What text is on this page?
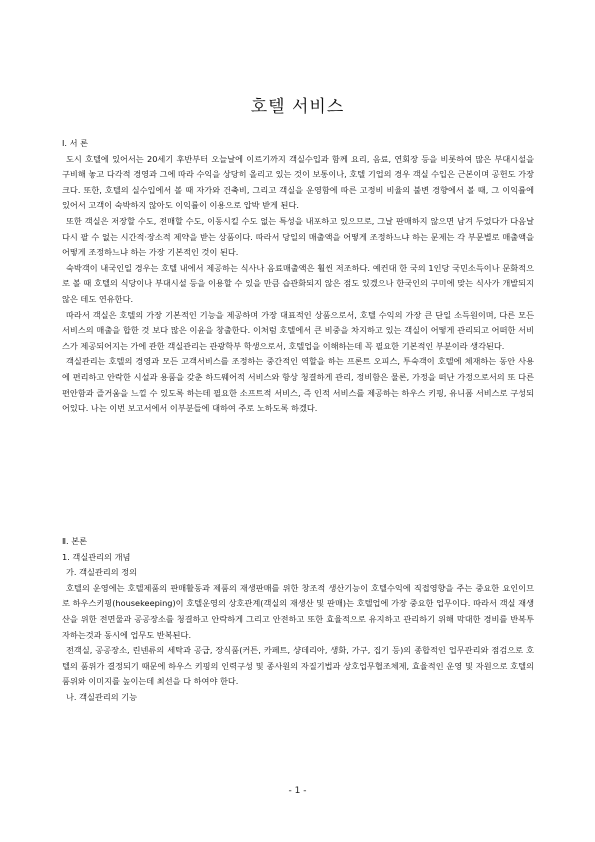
호텔 서비스
Ⅰ. 서 론

도시 호텔에 있어서는 20세기 후반부터 오늘날에 이르기까지 객실수입과 함께 요리, 음료, 연회장 등을 비롯하여 많은 부대시설을 구비해 놓고 다각적 경영과 그에 따라 수익을 상당히 올리고 있는 것이 보통이나, 호텔 기업의 경우 객실 수입은 근본이며 공헌도 가장 크다. 또한, 호텔의 실수입에서 볼 때 자가와 건축비, 그리고 객실을 운영함에 따른 고정비 비율의 불변 경향에서 볼 때, 그 이익률에 있어서 고객이 숙박하지 않아도 이익률이 이용으로 압박 받게 된다.

또한 객실은 저장할 수도, 전매할 수도, 이동시킬 수도 없는 특성을 내포하고 있으므로, 그날 판매하지 않으면 남겨 두었다가 다음날 다시 팔 수 없는 시간적·장소적 제약을 받는 상품이다. 따라서 당일의 매출액을 어떻게 조정하느냐 하는 문제는 각 부문별로 매출액을 어떻게 조정하느냐 하는 가장 기본적인 것이 된다.

숙박객이 내국인일 경우는 호텔 내에서 제공하는 식사나 음료매출액은 훨씬 저조하다. 예컨대 한 국의 1인당 국민소득이나 문화적으로 볼 때 호텔의 식당이나 부대시설 등을 이용할 수 있을 만큼 습관화되지 않은 점도 있겠으나 한국인의 구미에 맞는 식사가 개발되지 않은 데도 연유한다.

따라서 객실은 호텔의 가장 기본적인 기능을 제공하며 가장 대표적인 상품으로서, 호텔 수익의 가장 큰 단일 소득원이며, 다른 모든 서비스의 매출을 합한 것 보다 많은 이윤을 창출한다. 이처럼 호텔에서 큰 비중을 차지하고 있는 객실이 어떻게 관리되고 어떠한 서비스가 제공되어지는 가에 관한 객실관리는 관광학부 학생으로서, 호텔업을 이해하는데 꼭 필요한 기본적인 부분이라 생각된다.

객실관리는 호텔의 경영과 모든 고객서비스를 조정하는 중간적인 역할을 하는 프론트 오피스, 투숙객이 호텔에 체재하는 동안 사용에 편리하고 안락한 시설과 용품을 갖춘 하드웨어적 서비스와 항상 청결하게 관리, 정비함은 물론, 가정을 떠난 가정으로서의 또 다른 편안함과 즐거움을 느낄 수 있도록 하는데 필요한 소프트적 서비스, 즉 인적 서비스를 제공하는 하우스 키핑, 유니폼 서비스로 구성되어있다. 나는 이번 보고서에서 이부분들에 대하여 주로 노하도록 하겠다.

Ⅱ. 본론
1. 객실관리의 개념
가. 객실관리의 정의

호텔의 운영에는 호텔제품의 판매활동과 제품의 재생판매를 위한 창조적 생산기능이 호텔수익에 직접영향을 주는 중요한 요인이므로 하우스키핑(housekeeping)이 호텔운영의 상호관계(객실의 재생산 및 판매)는 호텔업에 가장 중요한 업무이다. 따라서 객실 재생산을 위한 전면물과 공공장소를 청결하고 안락하게 그리고 안전하고 또한 효율적으로 유지하고 관리하기 위해 막대한 경비를 반복투자하는것과 동시에 업무도 반복된다.

전객실, 공공장소, 린넨류의 세탁과 공급, 장식품(커튼, 카페트, 샹데리아, 생화, 가구, 집기 등)의 종합적인 업무관리와 점검으로 호텔의 품위가 결정되기 때문에 하우스 키핑의 인력구성 및 종사원의 자질기법과 상호업무협조체제, 효율적인 운영 및 자원으로 호텔의 품위와 이미지를 높이는데 최선을 다 하여야 한다.

나. 객실관리의 기능
- 1 -
